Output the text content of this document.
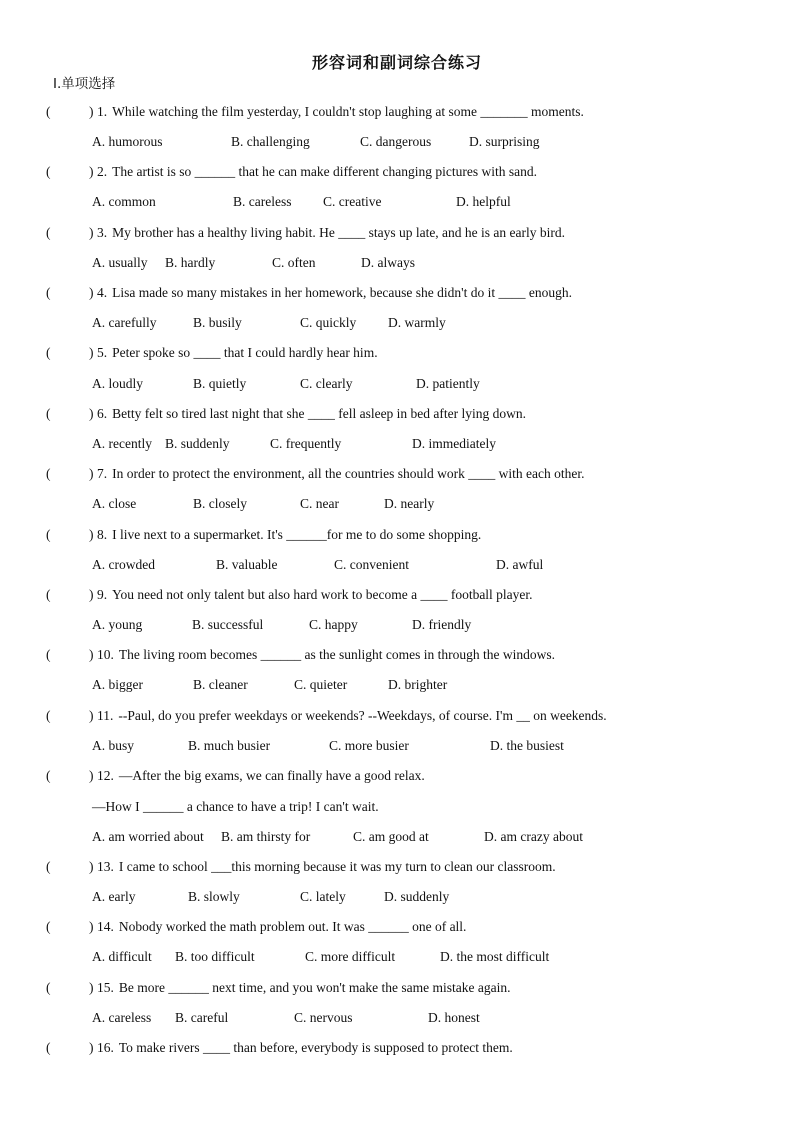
形容词和副词综合练习
Ⅰ.单项选择
(	) 1. While watching the film yesterday, I couldn't stop laughing at some _______ moments.
A. humorous	B. challenging	C. dangerous	D. surprising
(	) 2. The artist is so ______ that he can make different changing pictures with sand.
A. common	B. careless C. creative	D. helpful
(	) 3. My brother has a healthy living habit. He ____ stays up late, and he is an early bird.
A. usually B. hardly	C. often	D. always
(	) 4. Lisa made so many mistakes in her homework, because she didn't do it ____ enough.
A. carefully	B. busily	C. quickly D. warmly
(	) 5. Peter spoke so ____ that I could hardly hear him.
A. loudly	B. quietly	C. clearly	D. patiently
(	) 6. Betty felt so tired last night that she ____ fell asleep in bed after lying down.
A. recently B. suddenly	C. frequently	D. immediately
(	) 7. In order to protect the environment, all the countries should work ____ with each other.
A. close	B. closely	C. near	D. nearly
(	) 8. I live next to a supermarket. It's ______for me to do some shopping.
A. crowded	B. valuable	C. convenient	D. awful
(	) 9. You need not only talent but also hard work to become a ____ football player.
A. young	B. successful	C. happy	D. friendly
(	) 10. The living room becomes ______ as the sunlight comes in through the windows.
A. bigger	B. cleaner	C. quieter	D. brighter
(	) 11. --Paul, do you prefer weekdays or weekends? --Weekdays, of course. I'm __ on weekends.
A. busy	B. much busier	C. more busier	D. the busiest
(	) 12. —After the big exams, we can finally have a good relax.
—How I ______ a chance to have a trip! I can't wait.
A. am worried about B. am thirsty for	C. am good at	D. am crazy about
(	) 13. I came to school ___this morning because it was my turn to clean our classroom.
A. early	B. slowly	C. lately	D. suddenly
(	) 14. Nobody worked the math problem out. It was ______ one of all.
A. difficult B. too difficult	C. more difficult	D. the most difficult
(	) 15. Be more ______ next time, and you won't make the same mistake again.
A. careless B. careful	C. nervous	D. honest
(	) 16. To make rivers ____ than before, everybody is supposed to protect them.
